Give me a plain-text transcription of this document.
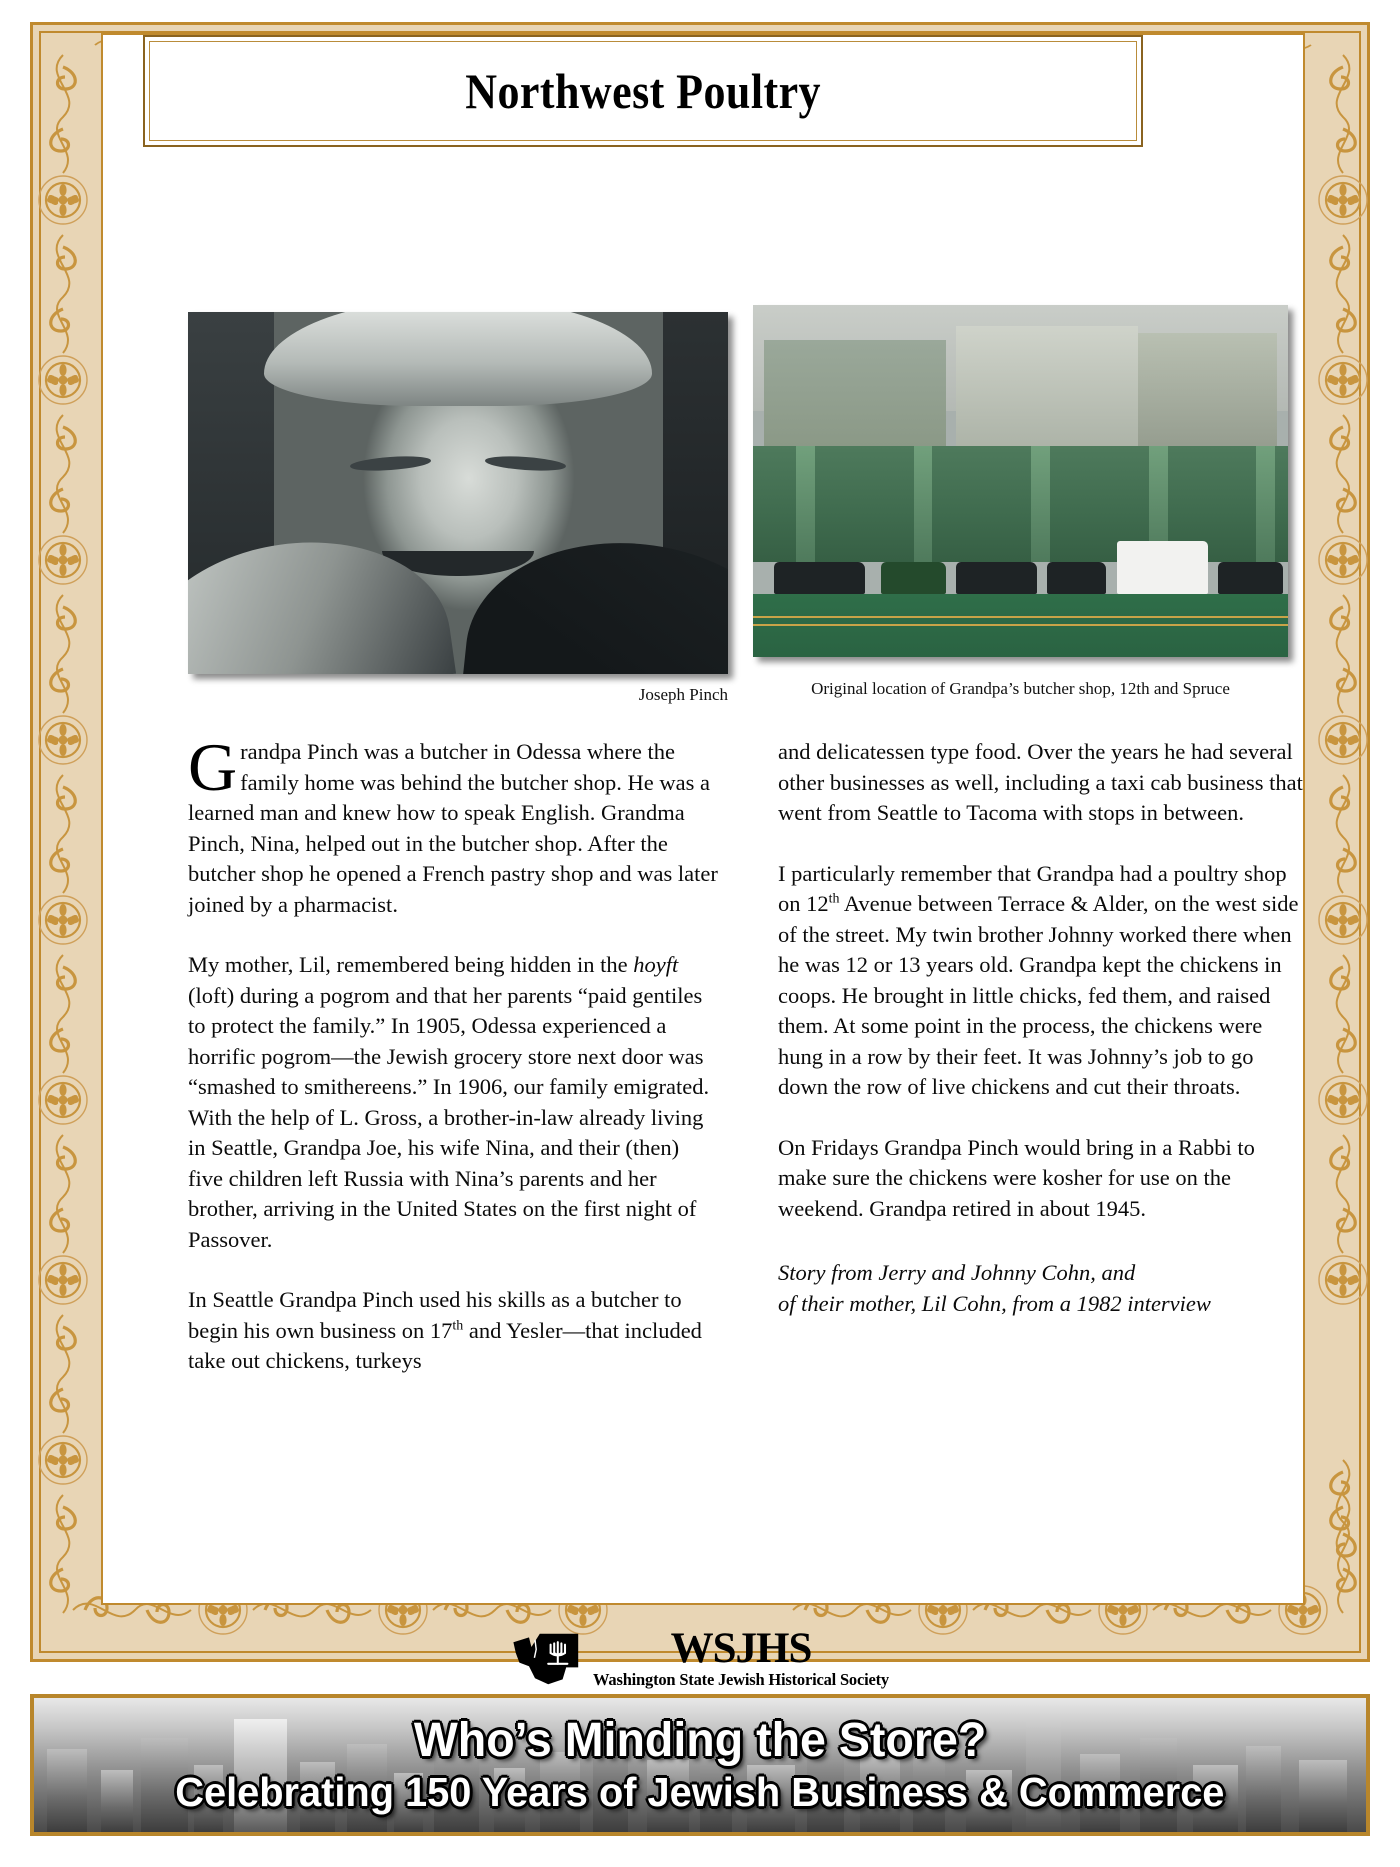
Northwest Poultry
Joseph Pinch	Original location of Grandpa’s butcher shop, 12th and Spruce

Grandpa Pinch was a butcher in Odessa where the family home was behind the butcher shop. He was a learned man and knew how to speak English. Grandma Pinch, Nina, helped out in the butcher shop. After the butcher shop he opened a French pastry shop and was later joined by a pharmacist.

My mother, Lil, remembered being hidden in the hoyft (loft) during a pogrom and that her parents “paid gentiles to protect the family.” In 1905, Odessa experienced a horrific pogrom—the Jewish grocery store next door was “smashed to smithereens.” In 1906, our family emigrated. With the help of L. Gross, a brother-in-law already living in Seattle, Grandpa Joe, his wife Nina, and their (then) five children left Russia with Nina’s parents and her brother, arriving in the United States on the first night of Passover.

In Seattle Grandpa Pinch used his skills as a butcher to begin his own business on 17th and Yesler—that included take out chickens, turkeys

and delicatessen type food. Over the years he had several other businesses as well, including a taxi cab business that went from Seattle to Tacoma with stops in between.

I particularly remember that Grandpa had a poultry shop on 12th Avenue between Terrace & Alder, on the west side of the street. My twin brother Johnny worked there when he was 12 or 13 years old. Grandpa kept the chickens in coops. He brought in little chicks, fed them, and raised them. At some point in the process, the chickens were hung in a row by their feet. It was Johnny’s job to go down the row of live chickens and cut their throats.

On Fridays Grandpa Pinch would bring in a Rabbi to make sure the chickens were kosher for use on the weekend. Grandpa retired in about 1945.

Story from Jerry and Johnny Cohn, and
of their mother, Lil Cohn, from a 1982 interview

WSJHS
Washington State Jewish Historical Society
Who’s Minding the Store?
Celebrating 150 Years of Jewish Business & Commerce
